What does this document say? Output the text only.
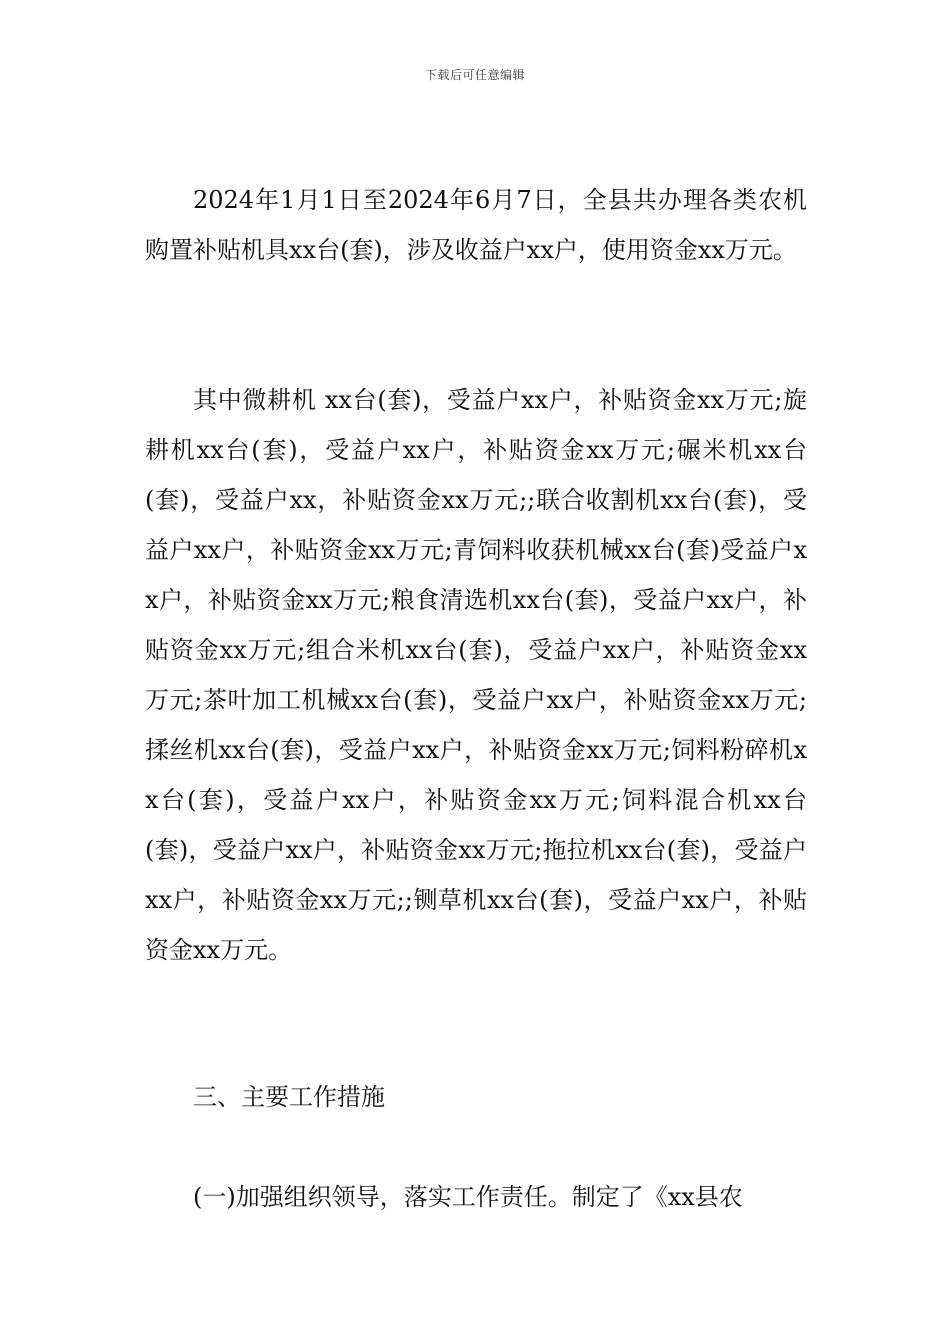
下载后可任意编辑

2024年1月1日至2024年6月7日，全县共办理各类农机购置补贴机具xx台(套)，涉及收益户xx户，使用资金xx万元。

其中微耕机 xx台(套)，受益户xx户，补贴资金xx万元;旋耕机xx台(套)，受益户xx户，补贴资金xx万元;碾米机xx台(套)，受益户xx，补贴资金xx万元;;联合收割机xx台(套)，受益户xx户，补贴资金xx万元;青饲料收获机械xx台(套)受益户xx户，补贴资金xx万元;粮食清选机xx台(套)，受益户xx户，补贴资金xx万元;组合米机xx台(套)，受益户xx户，补贴资金xx万元;茶叶加工机械xx台(套)，受益户xx户，补贴资金xx万元;揉丝机xx台(套)，受益户xx户，补贴资金xx万元;饲料粉碎机xx台(套)，受益户xx户，补贴资金xx万元;饲料混合机xx台(套)，受益户xx户，补贴资金xx万元;拖拉机xx台(套)，受益户xx户，补贴资金xx万元;;铡草机xx台(套)，受益户xx户，补贴资金xx万元。

三、主要工作措施

(一)加强组织领导，落实工作责任。制定了《xx县农
